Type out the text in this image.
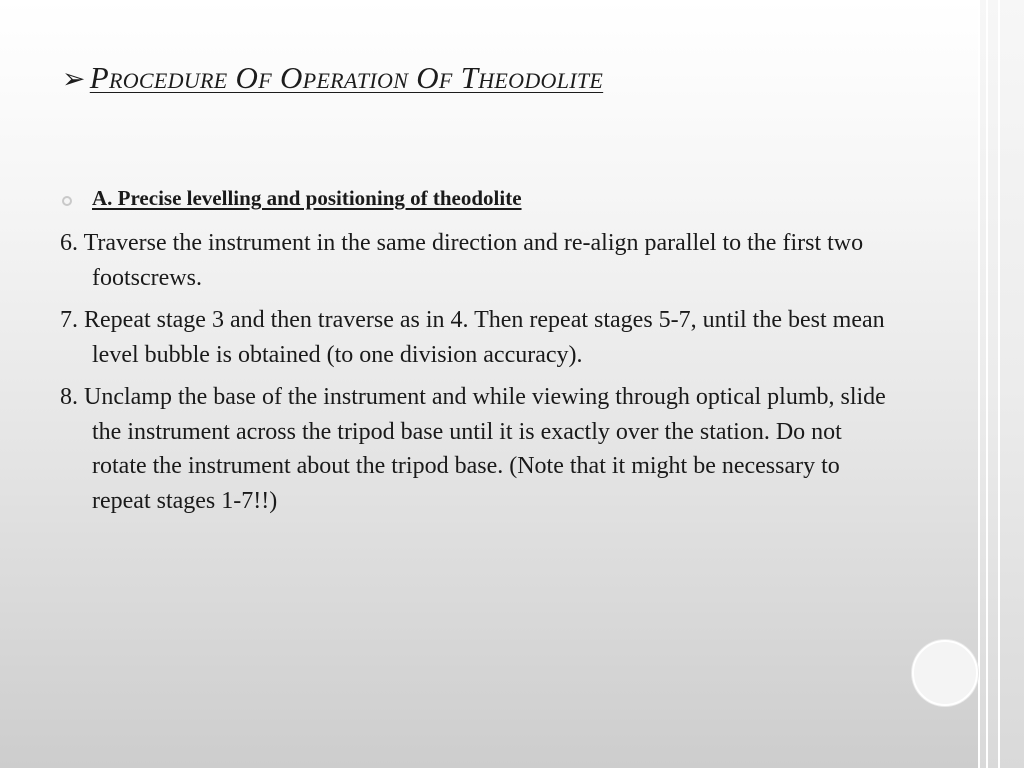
➢ Procedure Of Operation Of Theodolite
A. Precise levelling and positioning of theodolite
6. Traverse the instrument in the same direction and re-align parallel to the first two footscrews.
7. Repeat stage 3 and then traverse as in 4. Then repeat stages 5-7, until the best mean level bubble is obtained (to one division accuracy).
8. Unclamp the base of the instrument and while viewing through optical plumb, slide the instrument across the tripod base until it is exactly over the station. Do not rotate the instrument about the tripod base. (Note that it might be necessary to repeat stages 1-7!!)
